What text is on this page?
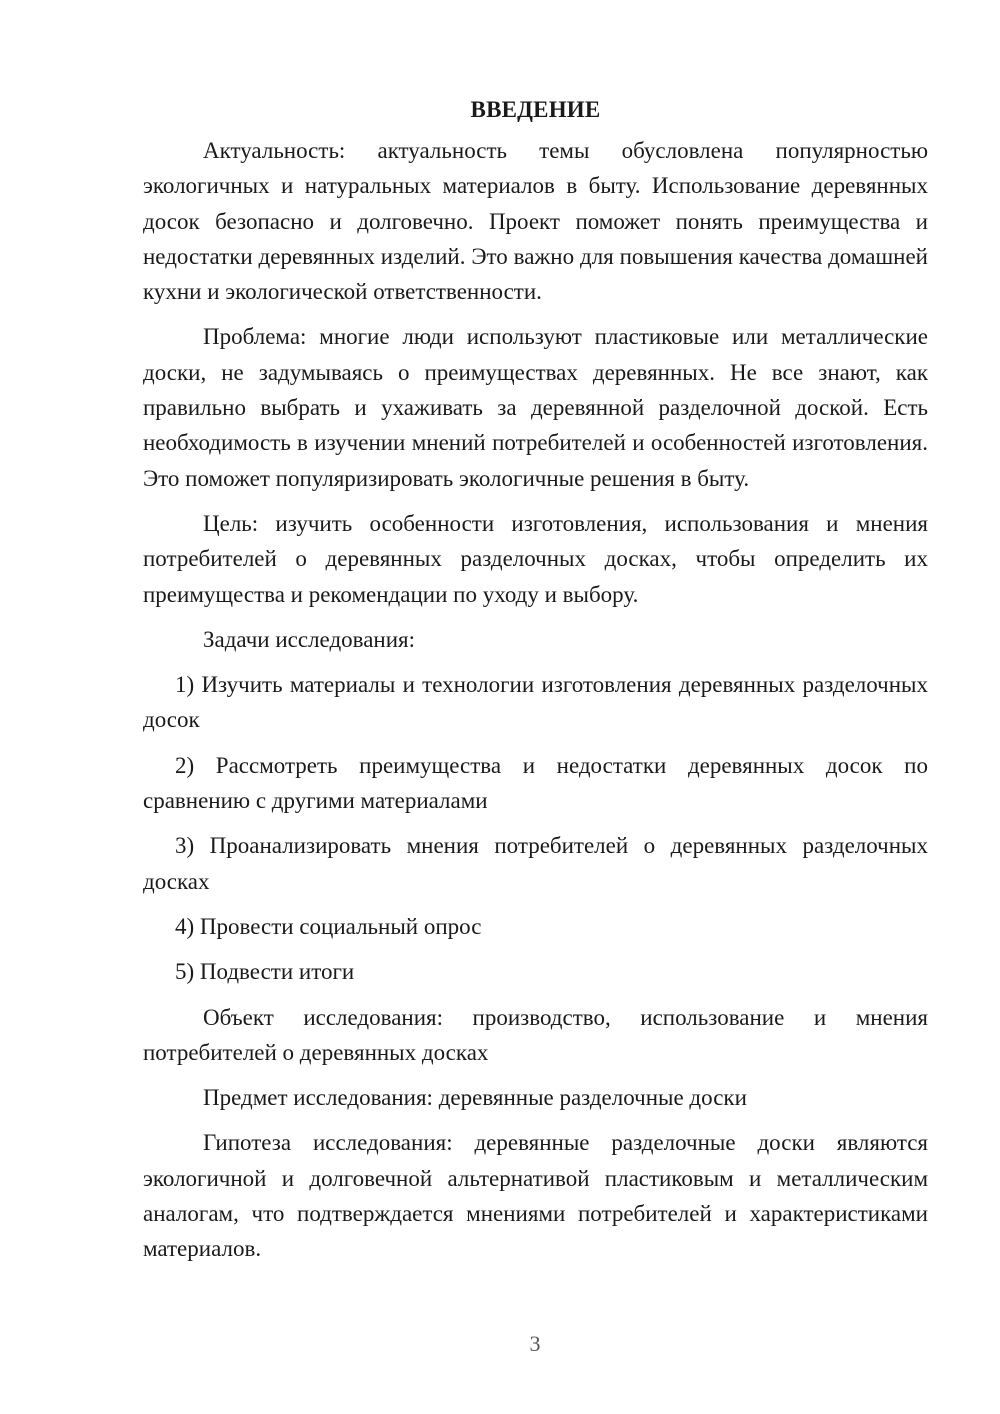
ВВЕДЕНИЕ

Актуальность: актуальность темы обусловлена популярностью экологичных и натуральных материалов в быту. Использование деревянных досок безопасно и долговечно. Проект поможет понять преимущества и недостатки деревянных изделий. Это важно для повышения качества домашней кухни и экологической ответственности.

Проблема: многие люди используют пластиковые или металлические доски, не задумываясь о преимуществах деревянных. Не все знают, как правильно выбрать и ухаживать за деревянной разделочной доской. Есть необходимость в изучении мнений потребителей и особенностей изготовления. Это поможет популяризировать экологичные решения в быту.

Цель: изучить особенности изготовления, использования и мнения потребителей о деревянных разделочных досках, чтобы определить их преимущества и рекомендации по уходу и выбору.

Задачи исследования:

1) Изучить материалы и технологии изготовления деревянных разделочных досок

2) Рассмотреть преимущества и недостатки деревянных досок по сравнению с другими материалами

3) Проанализировать мнения потребителей о деревянных разделочных досках

4) Провести социальный опрос

5) Подвести итоги

Объект исследования: производство, использование и мнения потребителей о деревянных досках

Предмет исследования: деревянные разделочные доски

Гипотеза исследования: деревянные разделочные доски являются экологичной и долговечной альтернативой пластиковым и металлическим аналогам, что подтверждается мнениями потребителей и характеристиками материалов.

3
